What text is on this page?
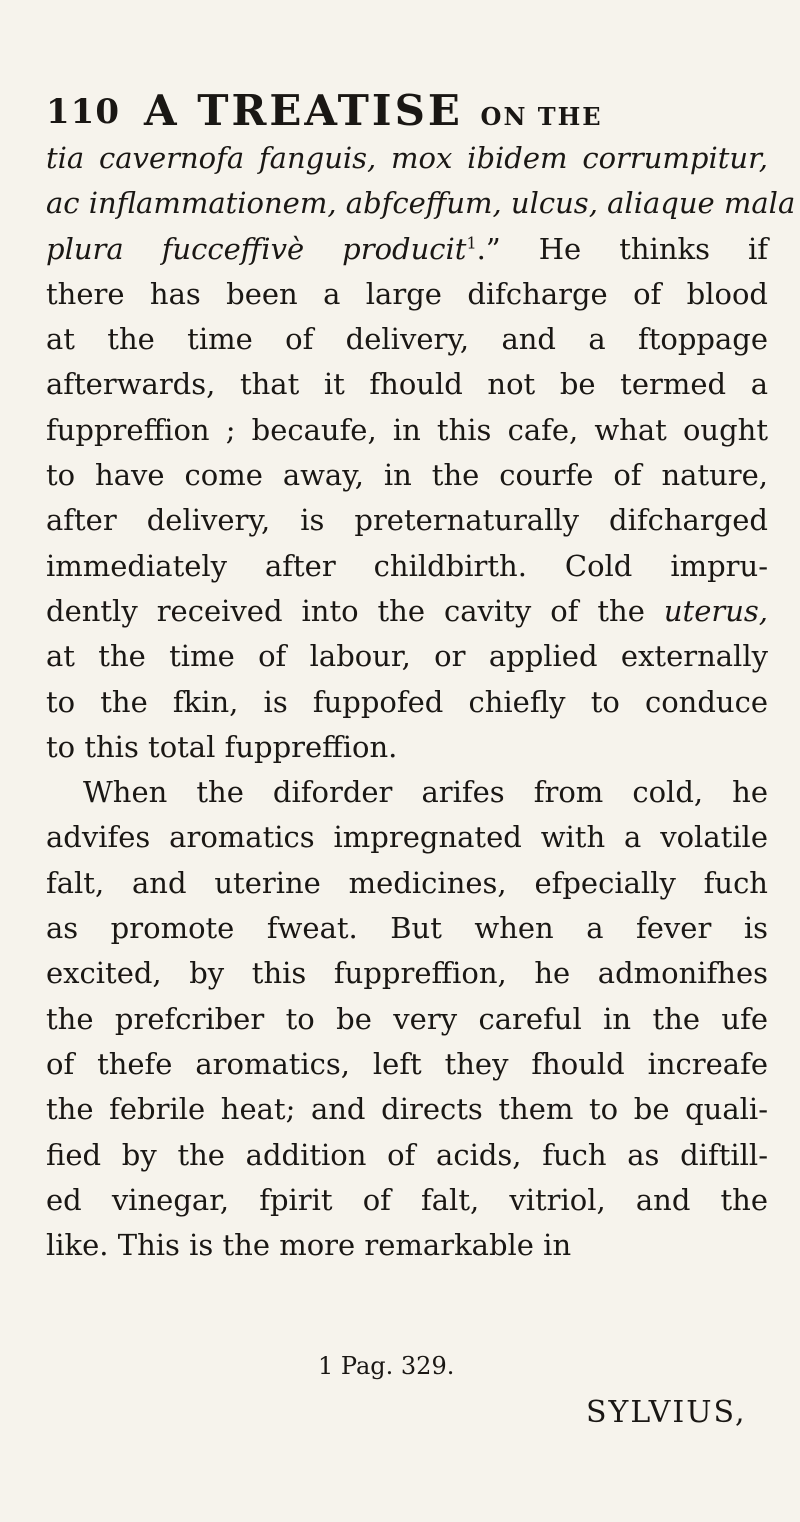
110 A TREATISE ON THE
tia cavernofa fanguis, mox ibidem corrumpitur,
ac inflammationem, abfceffum, ulcus, aliaque mala
plura fucceffivè producit$^1$.” He thinks if
there has been a large difcharge of blood
at the time of delivery, and a ftoppage
afterwards, that it fhould not be termed a
fuppreffion ; becaufe, in this cafe, what ought
to have come away, in the courfe of nature,
after delivery, is preternaturally difcharged
immediately after childbirth. Cold impru-
dently received into the cavity of the uterus,
at the time of labour, or applied externally
to the fkin, is fuppofed chiefly to conduce
to this total fuppreffion.
When the diforder arifes from cold, he
advifes aromatics impregnated with a volatile
falt, and uterine medicines, efpecially fuch
as promote fweat. But when a fever is
excited, by this fuppreffion, he admonifhes
the prefcriber to be very careful in the ufe
of thefe aromatics, left they fhould increafe
the febrile heat; and directs them to be quali-
fied by the addition of acids, fuch as diftill-
ed vinegar, fpirit of falt, vitriol, and the
like. This is the more remarkable in
1 Pag. 329.
SYLVIUS,
